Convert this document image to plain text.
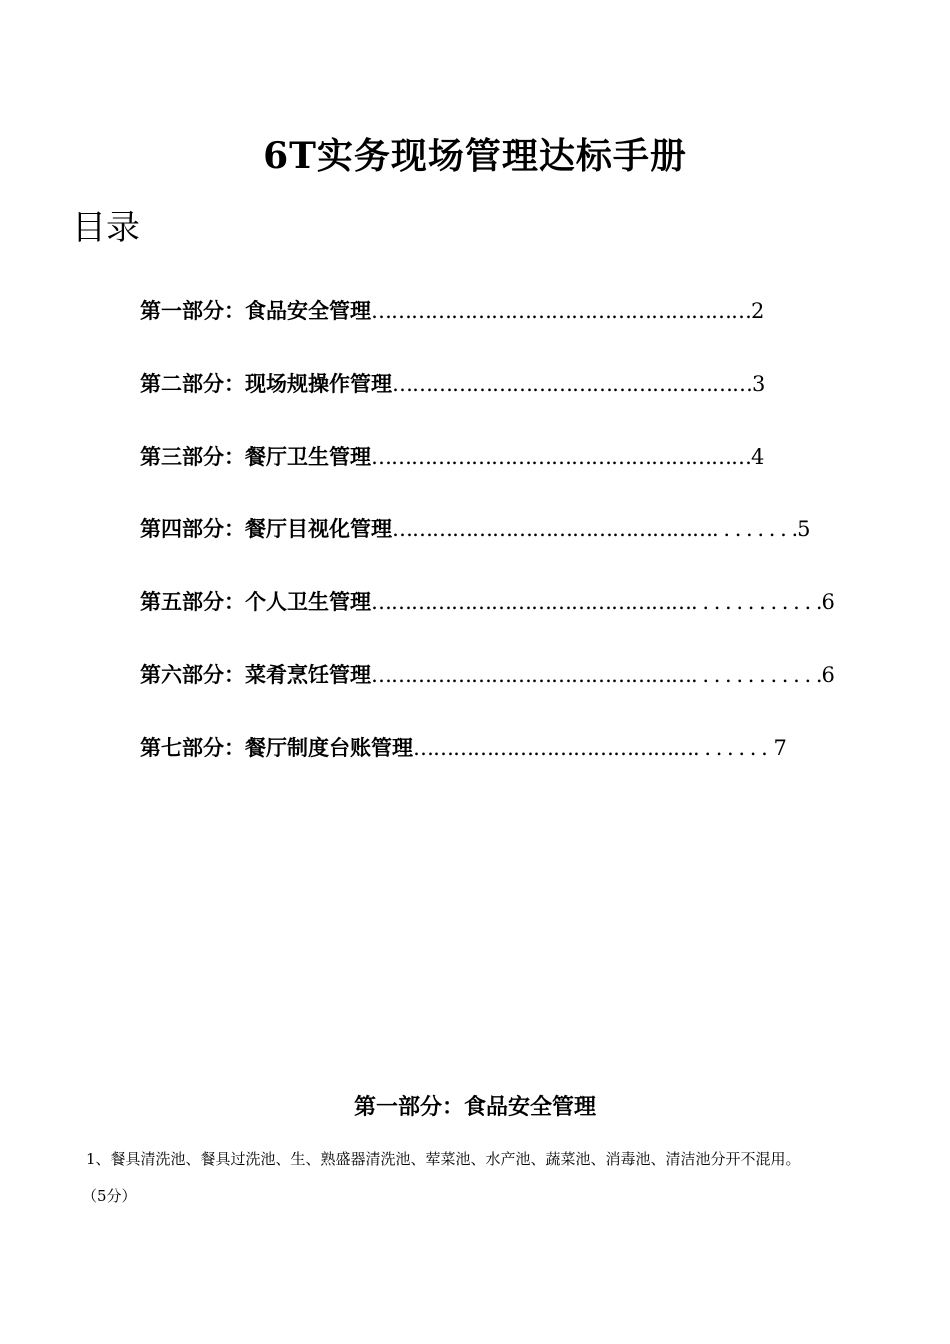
6T实务现场管理达标手册
目录
第一部分：食品安全管理…………………………………………………2
第二部分：现场规操作管理………………………………………………3
第三部分：餐厅卫生管理…………………………………………………4
第四部分：餐厅目视化管理…………………………………………. . . . . . . .5
第五部分：个人卫生管理…………………………………………. . . . . . . . . . . .6
第六部分：菜肴烹饪管理…………………………………………. . . . . . . . . . . .6
第七部分：餐厅制度台账管理……………………………………. . . . . . . 7
第一部分：食品安全管理
1、餐具清洗池、餐具过洗池、生、熟盛器清洗池、荤菜池、水产池、蔬菜池、消毒池、清洁池分开不混用。
（5分）
